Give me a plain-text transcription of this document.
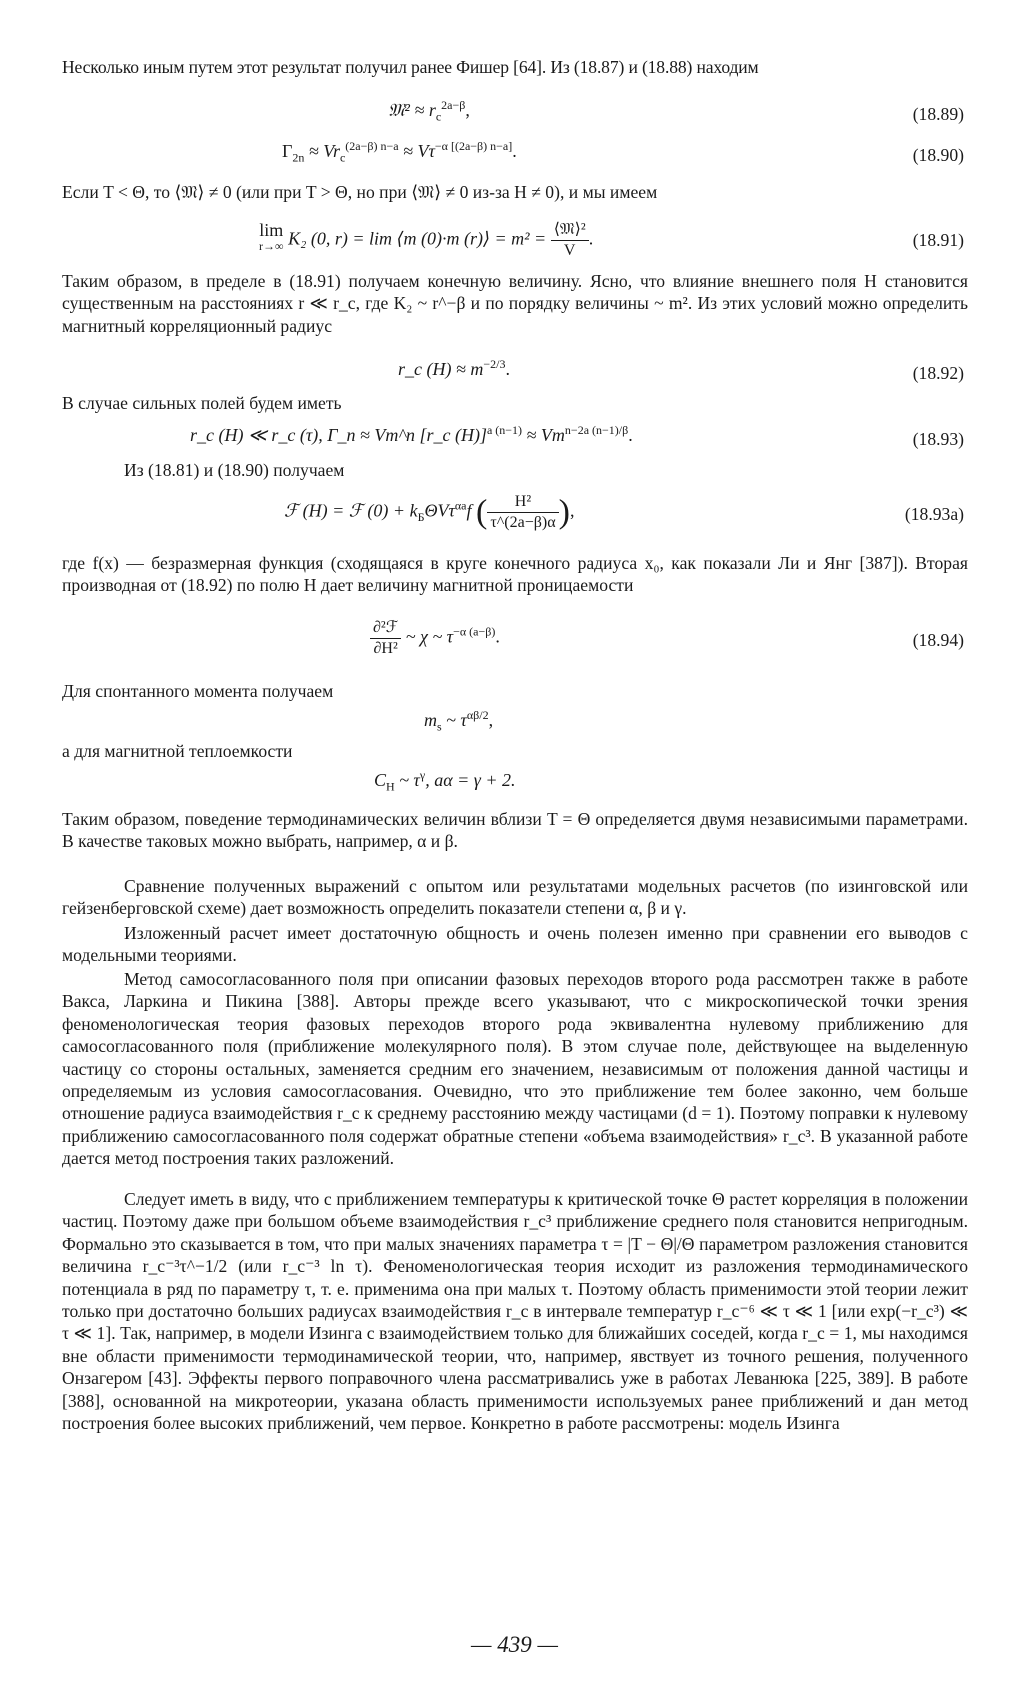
Несколько иным путем этот результат получил ранее Фишер [64]. Из (18.87) и (18.88) находим

𝔐² ≈ $r_c^{2a-\beta}$,	(18.89)
$\Gamma_{2n} \approx Vr_c^{(2a-\beta) n-a} \approx V\tau^{-\alpha [(2a-\beta) n-a]}$.	(18.90)

Если T < Θ, то ⟨𝔐⟩ ≠ 0 (или при T > Θ, но при ⟨𝔐⟩ ≠ 0 из-за H ≠ 0), и мы имеем

lim
r→∞ K₂ (0, r) = lim ⟨m (0)·m (r)⟩ = $m^2 = \frac{\text{⟨𝔐⟩²}}{V}$ .	(18.91)

Таким образом, в пределе в (18.91) получаем конечную величину. Ясно, что влияние внешнего поля H становится существенным на расстояниях r ≪ r_c, где K₂ ~ r^−β и по порядку величины ~ m². Из этих условий можно определить магнитный корреляционный радиус

r_c $(H) \approx m^{-2/3}$.	(18.92)

В случае сильных полей будем иметь

r_c (H) ≪ r_c (τ), Γ_n ≈ Vm^n [r_c $(H)]^{a (n-1)} \approx Vm^{n-2a (n-1)/\beta}$.	(18.93)

Из (18.81) и (18.90) получаем

ℱ (H) = ℱ $(0) + k_Б\Theta V\tau^{\alpha a}f$ ( $\frac{\text{H²}}{\tau\^{}(2a-\beta)\alpha}$ ),	(18.93a)

где f(x) — безразмерная функция (сходящаяся в круге конечного радиуса x₀, как показали Ли и Янг [387]). Вторая производная от (18.92) по полю H дает величину магнитной проницаемости

$\frac{\text{∂²ℱ}}{\text{∂H²}}$ ~ χ ~ $\tau^{-\alpha (a-\beta)}$.	(18.94)

Для спонтанного момента получаем

$m_s$ ~ $\tau^{\alpha\beta/2}$,

а для магнитной теплоемкости

$C_H$ ~ $\tau^\gamma$, aα = γ + 2.

Таким образом, поведение термодинамических величин вблизи T = Θ определяется двумя независимыми параметрами. В качестве таковых можно выбрать, например, α и β.

Сравнение полученных выражений с опытом или результатами модельных расчетов (по изинговской или гейзенберговской схеме) дает возможность определить показатели степени α, β и γ.

Изложенный расчет имеет достаточную общность и очень полезен именно при сравнении его выводов с модельными теориями.

Метод самосогласованного поля при описании фазовых переходов второго рода рассмотрен также в работе Вакса, Ларкина и Пикина [388]. Авторы прежде всего указывают, что с микроскопической точки зрения феноменологическая теория фазовых переходов второго рода эквивалентна нулевому приближению для самосогласованного поля (приближение молекулярного поля). В этом случае поле, действующее на выделенную частицу со стороны остальных, заменяется средним его значением, независимым от положения данной частицы и определяемым из условия самосогласования. Очевидно, что это приближение тем более законно, чем больше отношение радиуса взаимодействия r_c к среднему расстоянию между частицами (d = 1). Поэтому поправки к нулевому приближению самосогласованного поля содержат обратные степени «объема взаимодействия» r_c³. В указанной работе дается метод построения таких разложений.

Следует иметь в виду, что с приближением температуры к критической точке Θ растет корреляция в положении частиц. Поэтому даже при большом объеме взаимодействия r_c³ приближение среднего поля становится непригодным. Формально это сказывается в том, что при малых значениях параметра τ = |T − Θ|/Θ параметром разложения становится величина r_c⁻³τ^−1/2 (или r_c⁻³ ln τ). Феноменологическая теория исходит из разложения термодинамического потенциала в ряд по параметру τ, т. е. применима она при малых τ. Поэтому область применимости этой теории лежит только при достаточно больших радиусах взаимодействия r_c в интервале температур r_c⁻⁶ ≪ τ ≪ 1 [или exp(−r_c³) ≪ τ ≪ 1]. Так, например, в модели Изинга с взаимодействием только для ближайших соседей, когда r_c = 1, мы находимся вне области применимости термодинамической теории, что, например, явствует из точного решения, полученного Онзагером [43]. Эффекты первого поправочного члена рассматривались уже в работах Леванюка [225, 389]. В работе [388], основанной на микротеории, указана область применимости используемых ранее приближений и дан метод построения более высоких приближений, чем первое. Конкретно в работе рассмотрены: модель Изинга

— 439 —
